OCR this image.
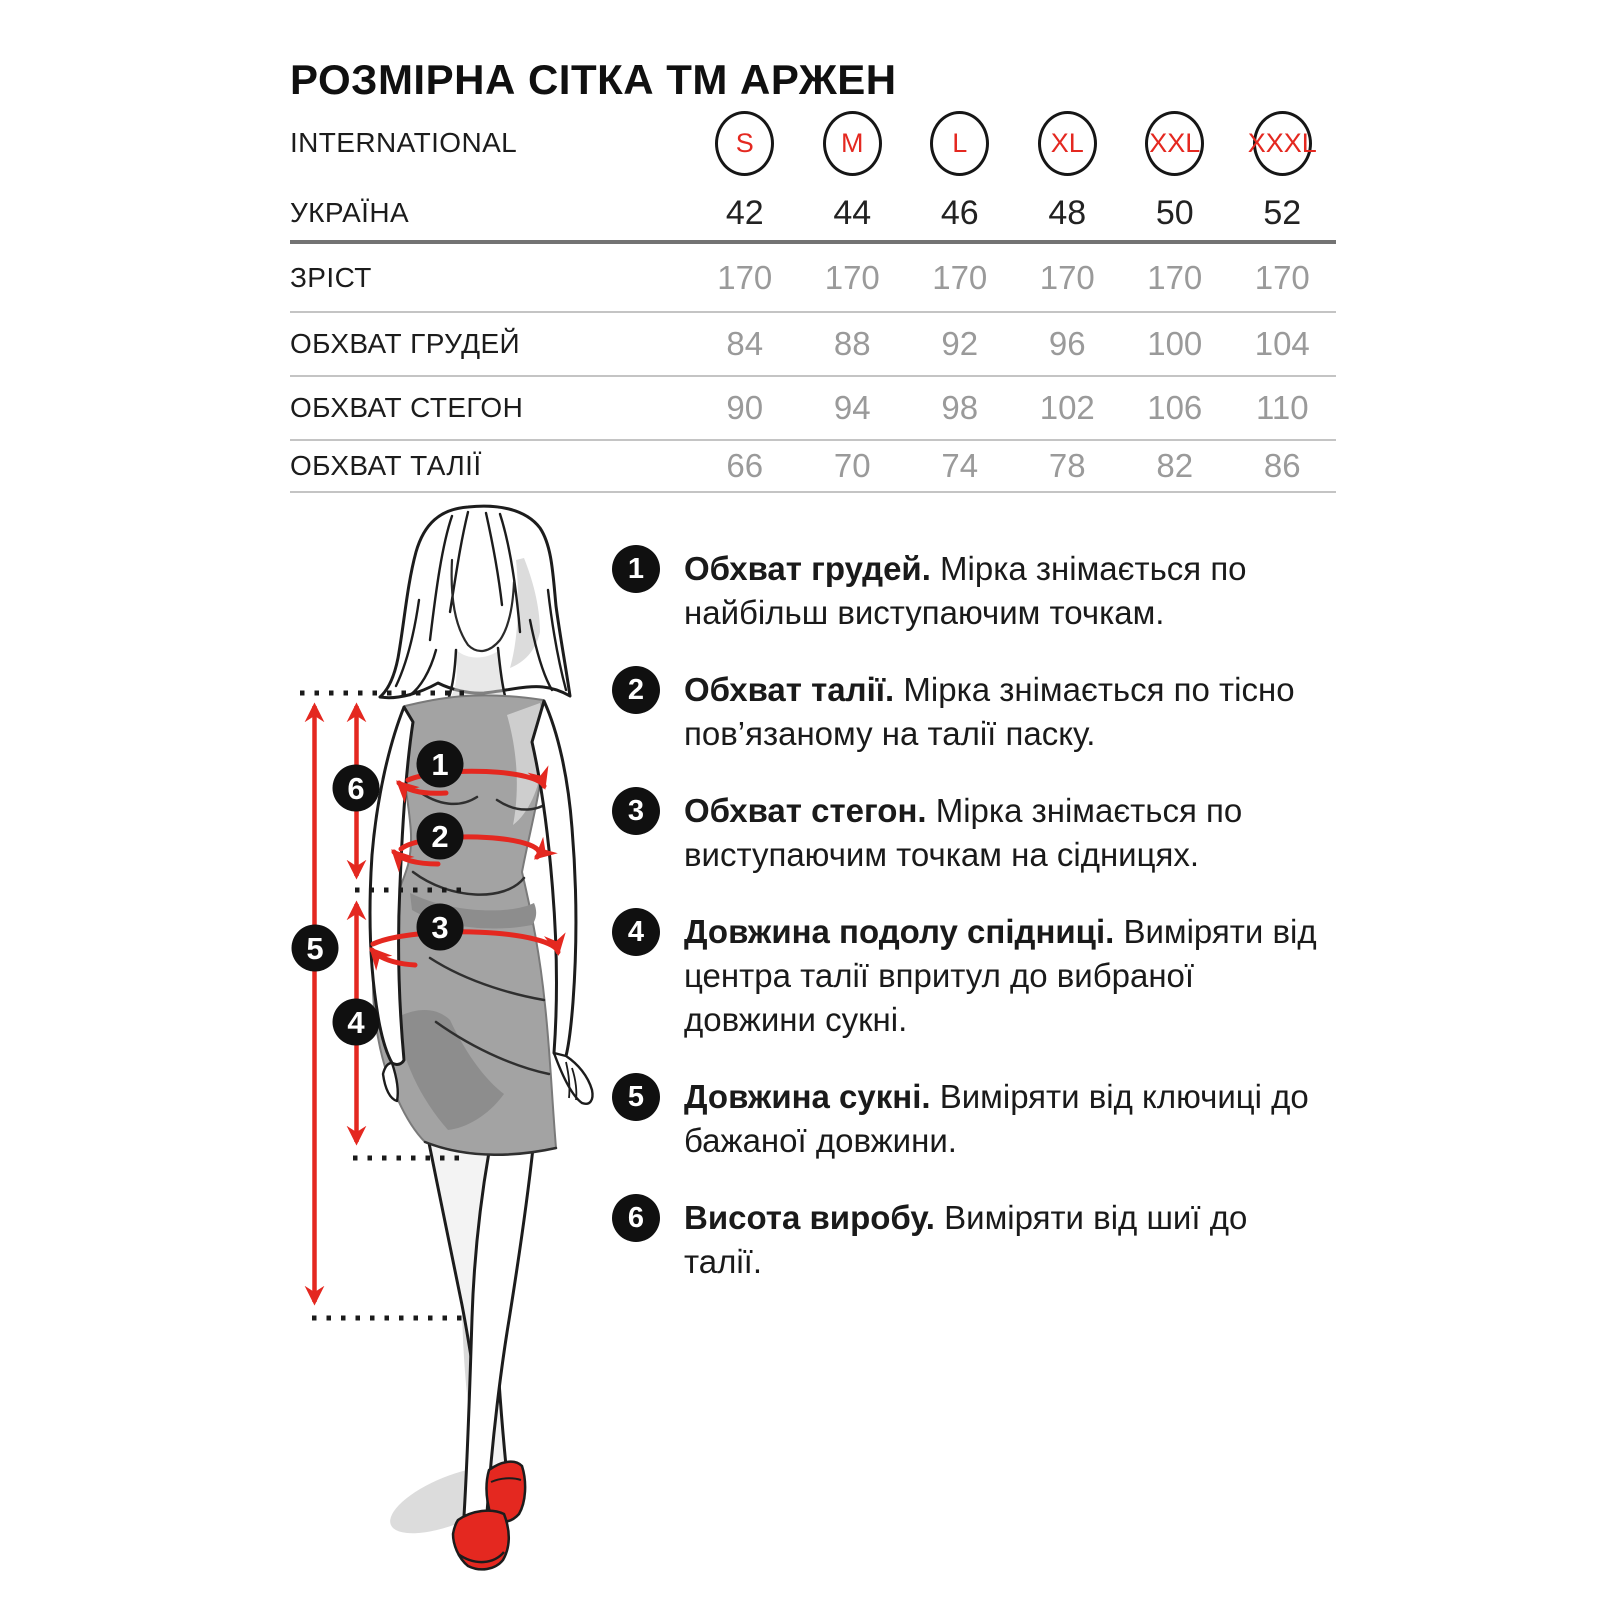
РОЗМІРНА СІТКА ТМ АРЖЕН
INTERNATIONAL	S	M	L	XL XXL XXXL
УКРАЇНА	42	44	46	48	50	52
ЗРІСТ	170	170	170	170	170	170
ОБХВАТ ГРУДЕЙ	84	88	92	96	100	104
ОБХВАТ СТЕГОН	90	94	98	102	106	110
ОБХВАТ ТАЛІЇ	66	70	74	78	82	86
1
2
3
4
5
6
1	Обхват грудей. Мірка знімається по найбільш виступаючим точкам.

2	Обхват талії. Мірка знімається по тісно пов’язаному на талії паску.

3	Обхват стегон. Мірка знімається по виступаючим точкам на сідницях.

4	Довжина подолу спідниці. Виміряти від центра талії впритул до вибраної довжини сукні.

5	Довжина сукні. Виміряти від ключиці до бажаної довжини.

6	Висота виробу. Виміряти від шиї до талії.
